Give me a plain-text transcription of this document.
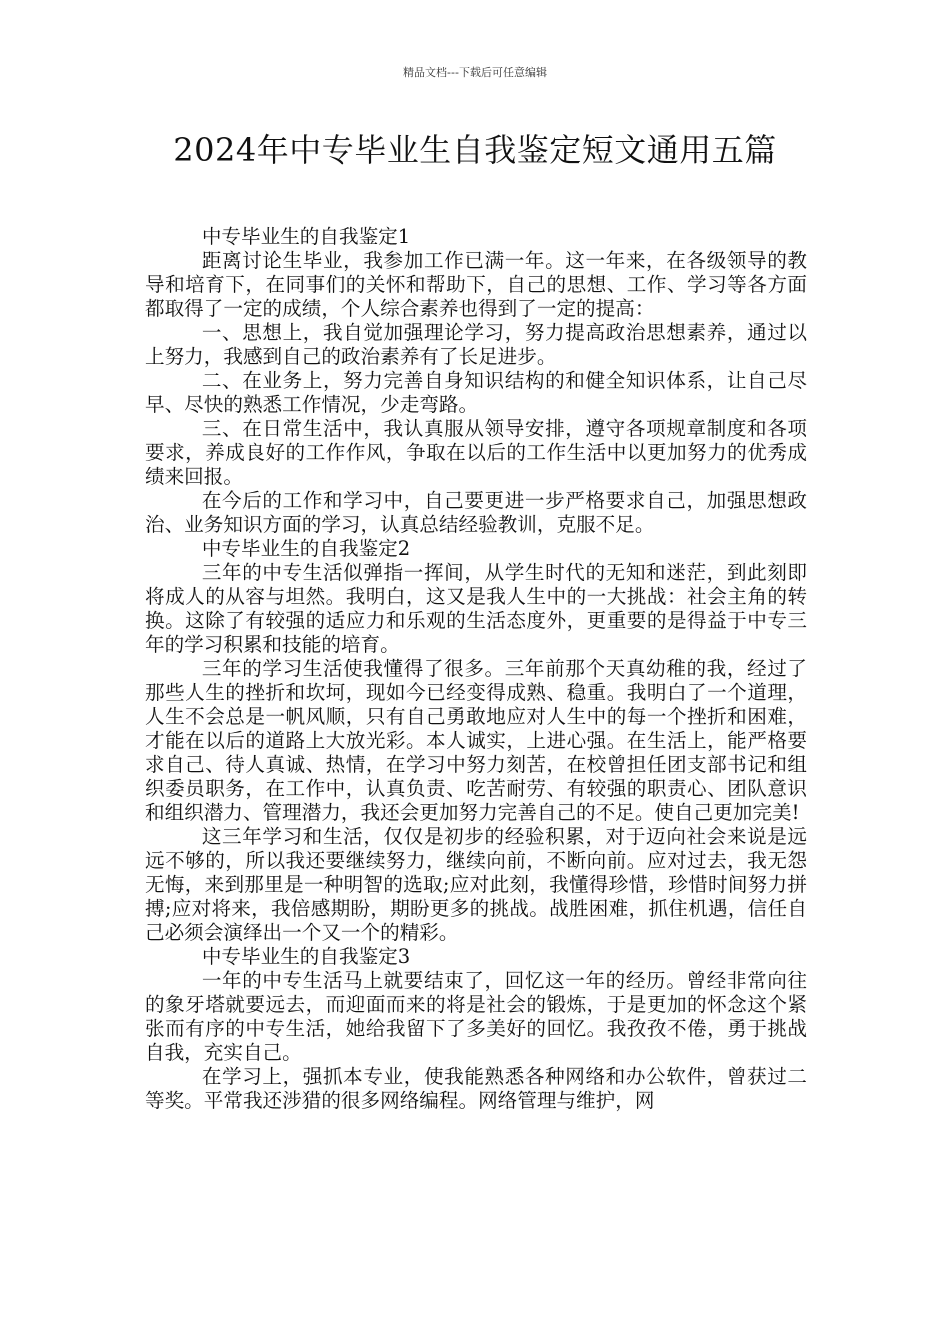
精品文档---下载后可任意编辑
2024年中专毕业生自我鉴定短文通用五篇

中专毕业生的自我鉴定1

距离讨论生毕业，我参加工作已满一年。这一年来，在各级领导的教导和培育下，在同事们的关怀和帮助下，自己的思想、工作、学习等各方面都取得了一定的成绩，个人综合素养也得到了一定的提高：

一、思想上，我自觉加强理论学习，努力提高政治思想素养，通过以上努力，我感到自己的政治素养有了长足进步。

二、在业务上，努力完善自身知识结构的和健全知识体系，让自己尽早、尽快的熟悉工作情况，少走弯路。

三、在日常生活中，我认真服从领导安排，遵守各项规章制度和各项要求，养成良好的工作作风，争取在以后的工作生活中以更加努力的优秀成绩来回报。

在今后的工作和学习中，自己要更进一步严格要求自己，加强思想政治、业务知识方面的学习，认真总结经验教训，克服不足。

中专毕业生的自我鉴定2

三年的中专生活似弹指一挥间，从学生时代的无知和迷茫，到此刻即将成人的从容与坦然。我明白，这又是我人生中的一大挑战：社会主角的转换。这除了有较强的适应力和乐观的生活态度外，更重要的是得益于中专三年的学习积累和技能的培育。

三年的学习生活使我懂得了很多。三年前那个天真幼稚的我，经过了那些人生的挫折和坎坷，现如今已经变得成熟、稳重。我明白了一个道理，人生不会总是一帆风顺，只有自己勇敢地应对人生中的每一个挫折和困难，才能在以后的道路上大放光彩。本人诚实，上进心强。在生活上，能严格要求自己、待人真诚、热情，在学习中努力刻苦，在校曾担任团支部书记和组织委员职务，在工作中，认真负责、吃苦耐劳、有较强的职责心、团队意识和组织潜力、管理潜力，我还会更加努力完善自己的不足。使自己更加完美!

这三年学习和生活，仅仅是初步的经验积累，对于迈向社会来说是远远不够的，所以我还要继续努力，继续向前，不断向前。应对过去，我无怨无悔，来到那里是一种明智的选取;应对此刻，我懂得珍惜，珍惜时间努力拼搏;应对将来，我倍感期盼，期盼更多的挑战。战胜困难，抓住机遇，信任自己必须会演绎出一个又一个的精彩。

中专毕业生的自我鉴定3

一年的中专生活马上就要结束了，回忆这一年的经历。曾经非常向往的象牙塔就要远去，而迎面而来的将是社会的锻炼，于是更加的怀念这个紧张而有序的中专生活，她给我留下了多美好的回忆。我孜孜不倦，勇于挑战自我，充实自己。

在学习上，强抓本专业，使我能熟悉各种网络和办公软件，曾获过二等奖。平常我还涉猎的很多网络编程。网络管理与维护，网
